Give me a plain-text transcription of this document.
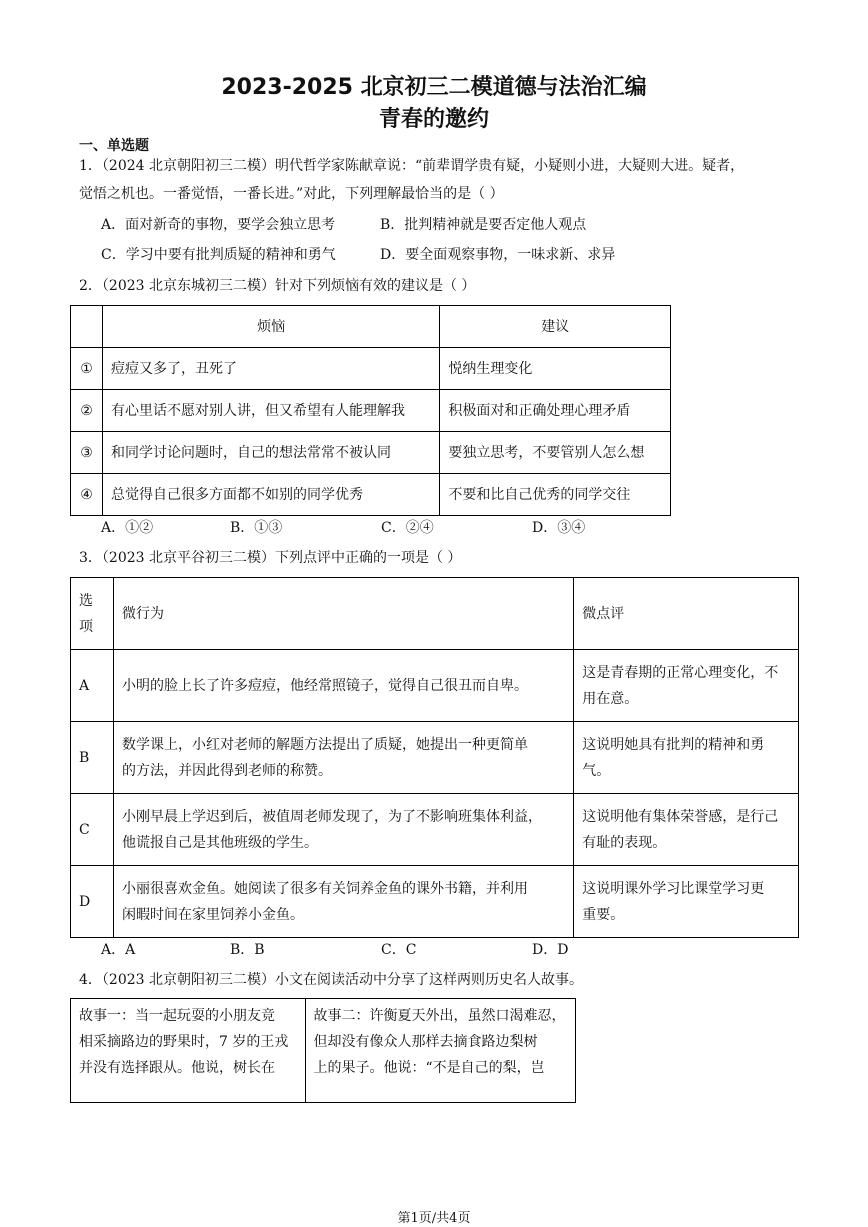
2023-2025 北京初三二模道德与法治汇编
青春的邀约
一、单选题
1．（2024 北京朝阳初三二模）明代哲学家陈献章说：“前辈谓学贵有疑，小疑则小进，大疑则大进。疑者，
觉悟之机也。一番觉悟，一番长进。”对此，下列理解最恰当的是（ ）
A．面对新奇的事物，要学会独立思考	B．批判精神就是要否定他人观点
C．学习中要有批判质疑的精神和勇气	D．要全面观察事物，一味求新、求异
2．（2023 北京东城初三二模）针对下列烦恼有效的建议是（ ）
	烦恼	建议
①	痘痘又多了，丑死了	悦纳生理变化
②	有心里话不愿对别人讲，但又希望有人能理解我	积极面对和正确处理心理矛盾
③	和同学讨论问题时，自己的想法常常不被认同	要独立思考，不要管别人怎么想
④	总觉得自己很多方面都不如别的同学优秀	不要和比自己优秀的同学交往
A．①②	B．①③	C．②④	D．③④
3．（2023 北京平谷初三二模）下列点评中正确的一项是（ ）
选
项	微行为	微点评
A	小明的脸上长了许多痘痘，他经常照镜子，觉得自己很丑而自卑。	这是青春期的正常心理变化，不
用在意。
B	数学课上，小红对老师的解题方法提出了质疑，她提出一种更简单
的方法，并因此得到老师的称赞。	这说明她具有批判的精神和勇
气。
C	小刚早晨上学迟到后，被值周老师发现了，为了不影响班集体利益，
他谎报自己是其他班级的学生。	这说明他有集体荣誉感，是行己
有耻的表现。
D	小丽很喜欢金鱼。她阅读了很多有关饲养金鱼的课外书籍，并利用
闲暇时间在家里饲养小金鱼。	这说明课外学习比课堂学习更
重要。
A．A	B．B	C．C	D．D
4．（2023 北京朝阳初三二模）小文在阅读活动中分享了这样两则历史名人故事。
故事一：当一起玩耍的小朋友竞
相采摘路边的野果时，7 岁的王戎
并没有选择跟从。他说，树长在	故事二：许衡夏天外出，虽然口渴难忍，
但却没有像众人那样去摘食路边梨树
上的果子。他说：“不是自己的梨，岂
第1页/共4页
